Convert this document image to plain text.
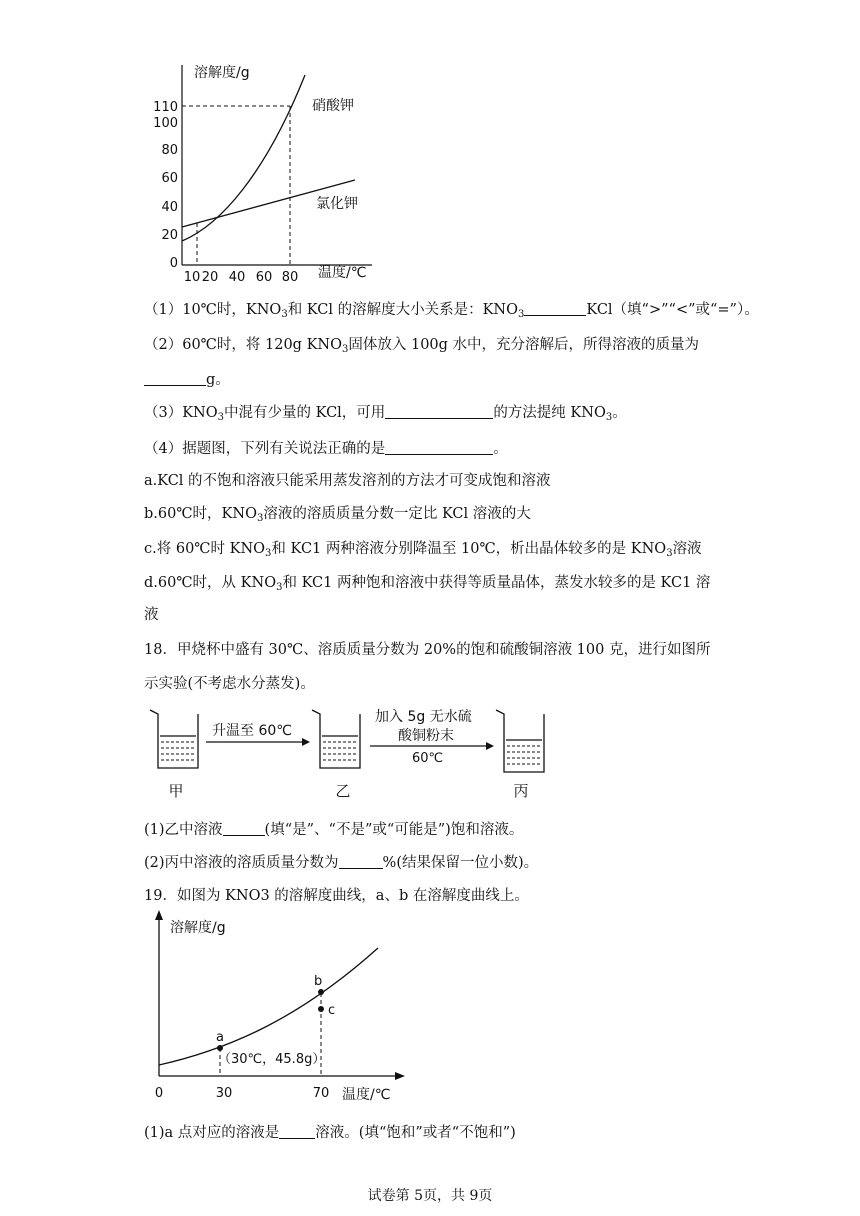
溶解度/g
温度/℃
硝酸钾
氯化钾
110
100
80
60
40
20
0
10 20 40 60 80
（1）10℃时，$KNO_3$和 KCl 的溶解度大小关系是：$KNO_3$	KCl（填“>”“<”或“=”）。
（2）60℃时，将 120g $KNO_3$固体放入 100g 水中，充分溶解后，所得溶液的质量为
g。
$(3)KNO_3$中混有少量的 KCl，可用	的方法提纯 $KNO_3$。
（4）据题图，下列有关说法正确的是	。
a.KCl 的不饱和溶液只能采用蒸发溶剂的方法才可变成饱和溶液
b.60℃时，$KNO_3$溶液的溶质质量分数一定比 KCl 溶液的大
c.将 60℃时 $KNO_3$和 KC1 两种溶液分别降温至 10℃，析出晶体较多的是 $KNO_3$溶液
d.60℃时，从 $KNO_3$和 KC1 两种饱和溶液中获得等质量晶体，蒸发水较多的是 KC1 溶
液
18．甲烧杯中盛有 30℃、溶质质量分数为 20%的饱和硫酸铜溶液 100 克，进行如图所
示实验(不考虑水分蒸发)。
升温至 60℃
加入 5g 无水硫
酸铜粉末
60℃
甲	乙	丙
(1)乙中溶液	(填“是”、“不是”或“可能是”)饱和溶液。
(2)丙中溶液的溶质质量分数为	%(结果保留一位小数)。
19．如图为 KNO3 的溶解度曲线，a、b 在溶解度曲线上。
溶解度/g
温度/℃
0	30	70
a
b
c
（30℃，45.8g）
(1)a 点对应的溶液是 溶液。(填“饱和”或者“不饱和”)
试卷第 5页，共 9页
